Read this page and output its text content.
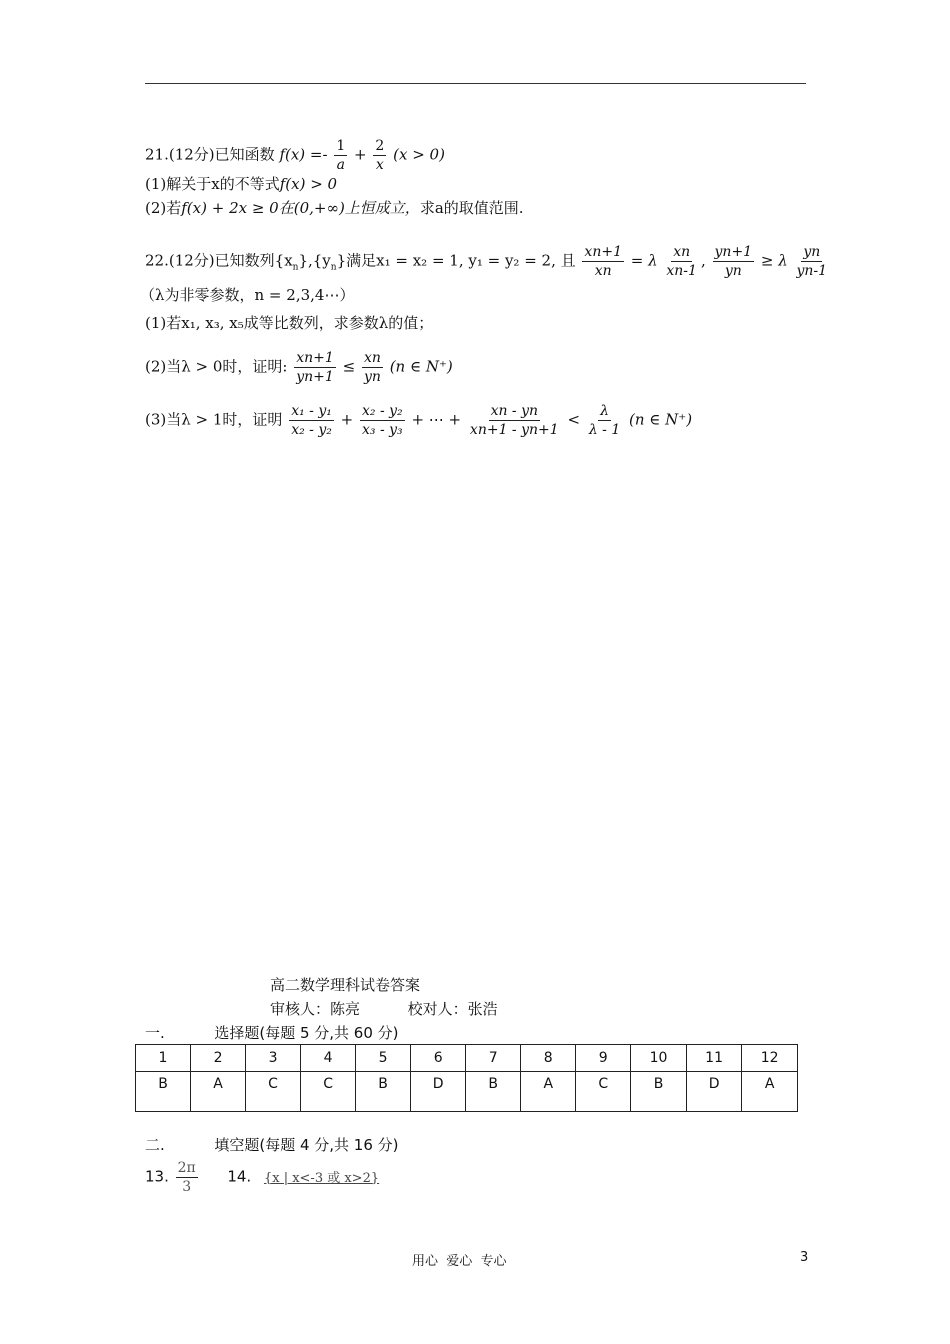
21.(12分)已知函数 $f(x) =- \frac{1}{a} + \frac{2}{x} (x > 0)$
(1)解关于x的不等式f(x) > 0
(2)若f(x) + 2x ≥ 0在(0,+∞)上恒成立，求a的取值范围.
22.(12分)已知数列$\{x_n\},\{y_n\}$满足x₁ = x₂ = 1, y₁ = y₂ = 2, 且 $\frac{xn+1}{xn} = \lambda \frac{xn}{xn-1}$ , $\frac{yn+1}{yn} \ge \lambda \frac{yn}{yn-1}$
（λ为非零参数，n = 2,3,4⋯）
(1)若x₁, x₃, x₅成等比数列，求参数λ的值；
(2)当λ > 0时，证明: $\frac{xn+1}{yn+1} \le \frac{xn}{yn} (n$ ∈ N⁺)
(3)当λ > 1时，证明 $\frac{\text{x₁ - y₁}}{\text{x₂ - y₂}} + \frac{\text{x₂ - y₂}}{\text{x₃ - y₃}}$ + ⋯ + $\frac{xn - yn}{xn+1 - yn+1} < \frac{\lambda}{\lambda - 1} (n$ ∈ N⁺)
高二数学理科试卷答案
审核人：陈亮          校对人：张浩
一.	选择题(每题 5 分,共 60 分)
1	2	3	4	5	6	7	8	9	10	11	12
B	A	C	C	B	D	B	A	C	B	D	A
二.	填空题(每题 4 分,共 16 分)
13. $\frac{2\pi}{3} 14$. {x | x<-3 或 x>2}
用心  爱心  专心	3
